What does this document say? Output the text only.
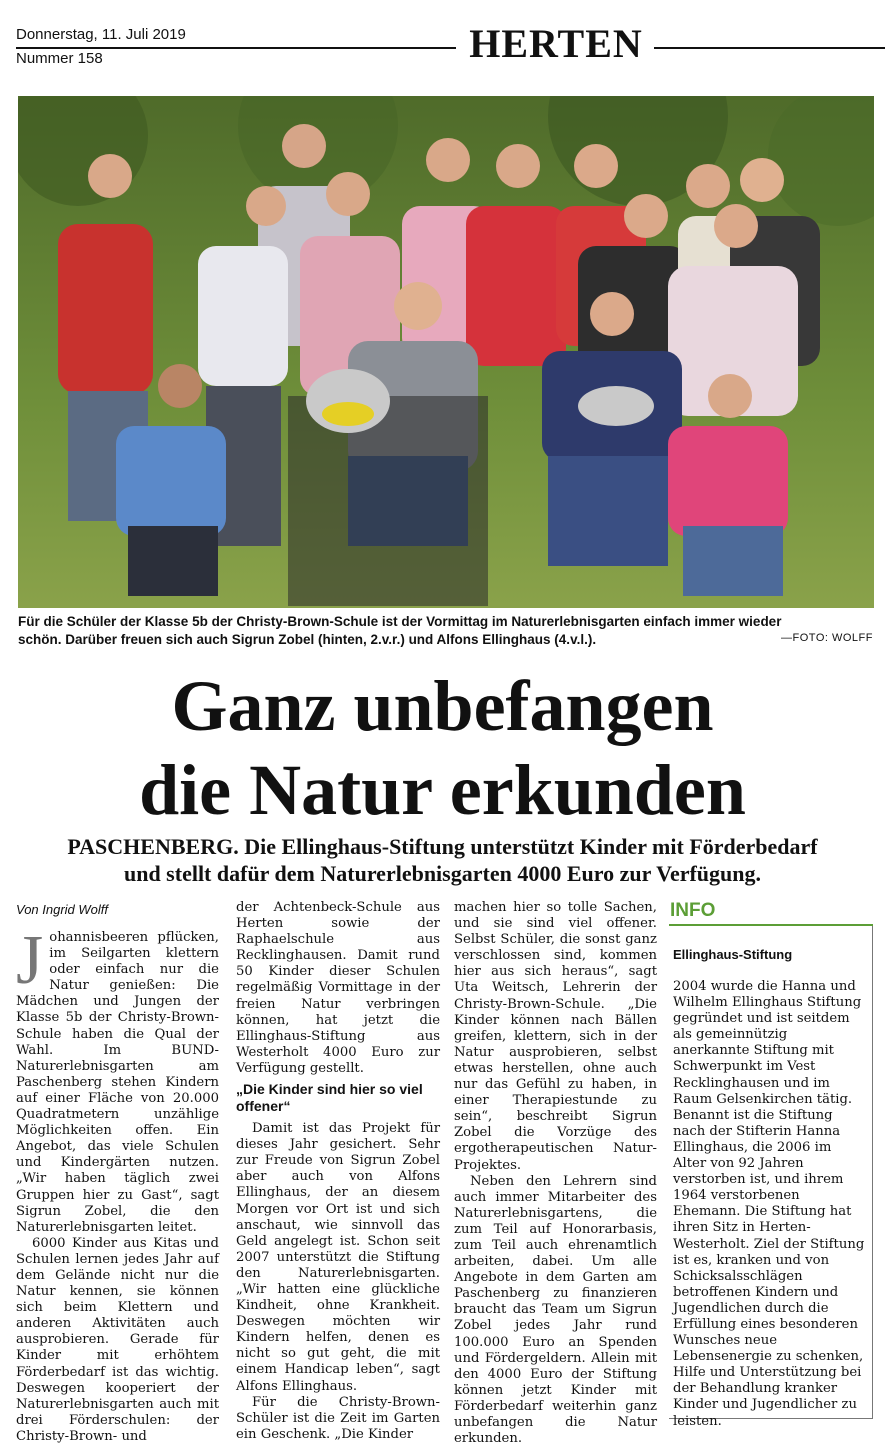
Donnerstag, 11. Juli 2019
Nummer 158	HERTEN
Für die Schüler der Klasse 5b der Christy-Brown-Schule ist der Vormittag im Naturerlebnisgarten einfach immer wieder
schön. Darüber freuen sich auch Sigrun Zobel (hinten, 2.v.r.) und Alfons Ellinghaus (4.v.l.).	—FOTO: WOLFF
Ganz unbefangen
die Natur erkunden
PASCHENBERG. Die Ellinghaus-Stiftung unterstützt Kinder mit Förderbedarf
und stellt dafür dem Naturerlebnisgarten 4000 Euro zur Verfügung.
Von Ingrid Wolff

Johannisbeeren pflücken, im Seilgarten klettern oder einfach nur die Natur genießen: Die Mädchen und Jungen der Klasse 5b der Christy-Brown-Schule haben die Qual der Wahl. Im BUND-Naturerlebnisgarten am Paschenberg stehen Kindern auf einer Fläche von 20.000 Quadratmetern unzählige Möglichkeiten offen. Ein Angebot, das viele Schulen und Kindergärten nutzen. „Wir haben täglich zwei Gruppen hier zu Gast“, sagt Sigrun Zobel, die den Naturerlebnisgarten leitet.

6000 Kinder aus Kitas und Schulen lernen jedes Jahr auf dem Gelände nicht nur die Natur kennen, sie können sich beim Klettern und anderen Aktivitäten auch ausprobieren. Gerade für Kinder mit erhöhtem Förderbedarf ist das wichtig. Deswegen kooperiert der Naturerlebnisgarten auch mit drei Förderschulen: der Christy-Brown- und

der Achtenbeck-Schule aus Herten sowie der Raphaelschule aus Recklinghausen. Damit rund 50 Kinder dieser Schulen regelmäßig Vormittage in der freien Natur verbringen können, hat jetzt die Ellinghaus-Stiftung aus Westerholt 4000 Euro zur Verfügung gestellt.

„Die Kinder sind hier so viel offener“

Damit ist das Projekt für dieses Jahr gesichert. Sehr zur Freude von Sigrun Zobel aber auch von Alfons Ellinghaus, der an diesem Morgen vor Ort ist und sich anschaut, wie sinnvoll das Geld angelegt ist. Schon seit 2007 unterstützt die Stiftung den Naturerlebnisgarten. „Wir hatten eine glückliche Kindheit, ohne Krankheit. Deswegen möchten wir Kindern helfen, denen es nicht so gut geht, die mit einem Handicap leben“, sagt Alfons Ellinghaus.

Für die Christy-Brown-Schüler ist die Zeit im Garten ein Geschenk. „Die Kinder

machen hier so tolle Sachen, und sie sind viel offener. Selbst Schüler, die sonst ganz verschlossen sind, kommen hier aus sich heraus“, sagt Uta Weitsch, Lehrerin der Christy-Brown-Schule. „Die Kinder können nach Bällen greifen, klettern, sich in der Natur ausprobieren, selbst etwas herstellen, ohne auch nur das Gefühl zu haben, in einer Therapiestunde zu sein“, beschreibt Sigrun Zobel die Vorzüge des ergotherapeutischen Natur-Projektes.

Neben den Lehrern sind auch immer Mitarbeiter des Naturerlebnisgartens, die zum Teil auf Honorarbasis, zum Teil auch ehrenamtlich arbeiten, dabei. Um alle Angebote in dem Garten am Paschenberg zu finanzieren braucht das Team um Sigrun Zobel jedes Jahr rund 100.000 Euro an Spenden und Fördergeldern. Allein mit den 4000 Euro der Stiftung können jetzt Kinder mit Förderbedarf weiterhin ganz unbefangen die Natur erkunden.

INFO
Ellinghaus-Stiftung
2004 wurde die Hanna und Wilhelm Ellinghaus Stiftung gegründet und ist seitdem als gemeinnützig anerkannte Stiftung mit Schwerpunkt im Vest Recklinghausen und im Raum Gelsenkirchen tätig. Benannt ist die Stiftung nach der Stifterin Hanna Ellinghaus, die 2006 im Alter von 92 Jahren verstorben ist, und ihrem 1964 verstorbenen Ehemann. Die Stiftung hat ihren Sitz in Herten-Westerholt. Ziel der Stiftung ist es, kranken und von Schicksalsschlägen betroffenen Kindern und Jugendlichen durch die Erfüllung eines besonderen Wunsches neue Lebensenergie zu schenken, Hilfe und Unterstützung bei der Behandlung kranker Kinder und Jugendlicher zu leisten.
